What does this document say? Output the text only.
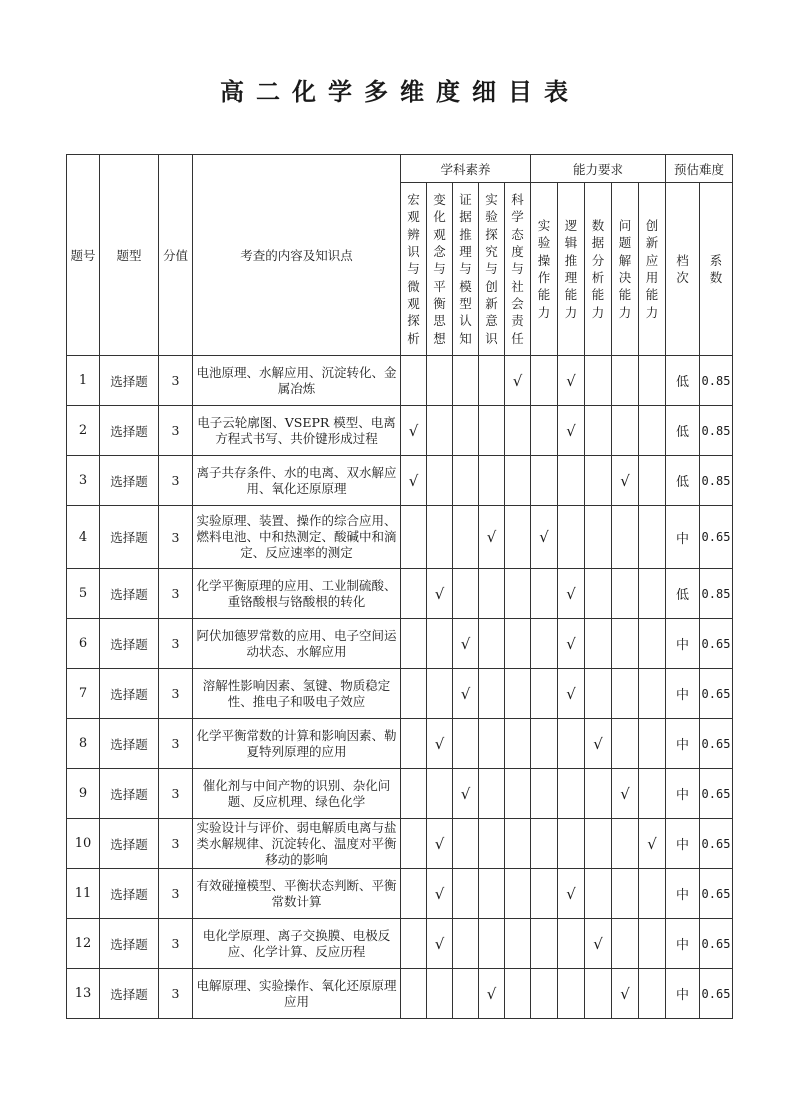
高二化学多维度细目表
题号	题型	分值	考查的内容及知识点	学科素养					能力要求					预估难度	
				宏观辨识与微观探析	变化观念与平衡思想	证据推理与模型认知	实验探究与创新意识	科学态度与社会责任	实验操作能力	逻辑推理能力	数据分析能力	问题解决能力	创新应用能力	档次	系数
1	选择题	3	电池原理、水解应用、沉淀转化、金属冶炼					√		√				低	0.85
2	选择题	3	电子云轮廓图、VSEPR 模型、电离方程式书写、共价键形成过程	√						√				低	0.85
3	选择题	3	离子共存条件、水的电离、双水解应用、氧化还原原理	√								√		低	0.85
4	选择题	3	实验原理、装置、操作的综合应用、燃料电池、中和热测定、酸碱中和滴定、反应速率的测定				√		√					中	0.65
5	选择题	3	化学平衡原理的应用、工业制硫酸、重铬酸根与铬酸根的转化		√					√				低	0.85
6	选择题	3	阿伏加德罗常数的应用、电子空间运动状态、水解应用			√				√				中	0.65
7	选择题	3	溶解性影响因素、氢键、物质稳定性、推电子和吸电子效应			√				√				中	0.65
8	选择题	3	化学平衡常数的计算和影响因素、勒夏特列原理的应用		√						√			中	0.65
9	选择题	3	催化剂与中间产物的识别、杂化问题、反应机理、绿色化学			√						√		中	0.65
10	选择题	3	实验设计与评价、弱电解质电离与盐类水解规律、沉淀转化、温度对平衡移动的影响		√								√	中	0.65
11	选择题	3	有效碰撞模型、平衡状态判断、平衡常数计算		√					√				中	0.65
12	选择题	3	电化学原理、离子交换膜、电极反应、化学计算、反应历程		√						√			中	0.65
13	选择题	3	电解原理、实验操作、氧化还原原理应用				√					√		中	0.65
